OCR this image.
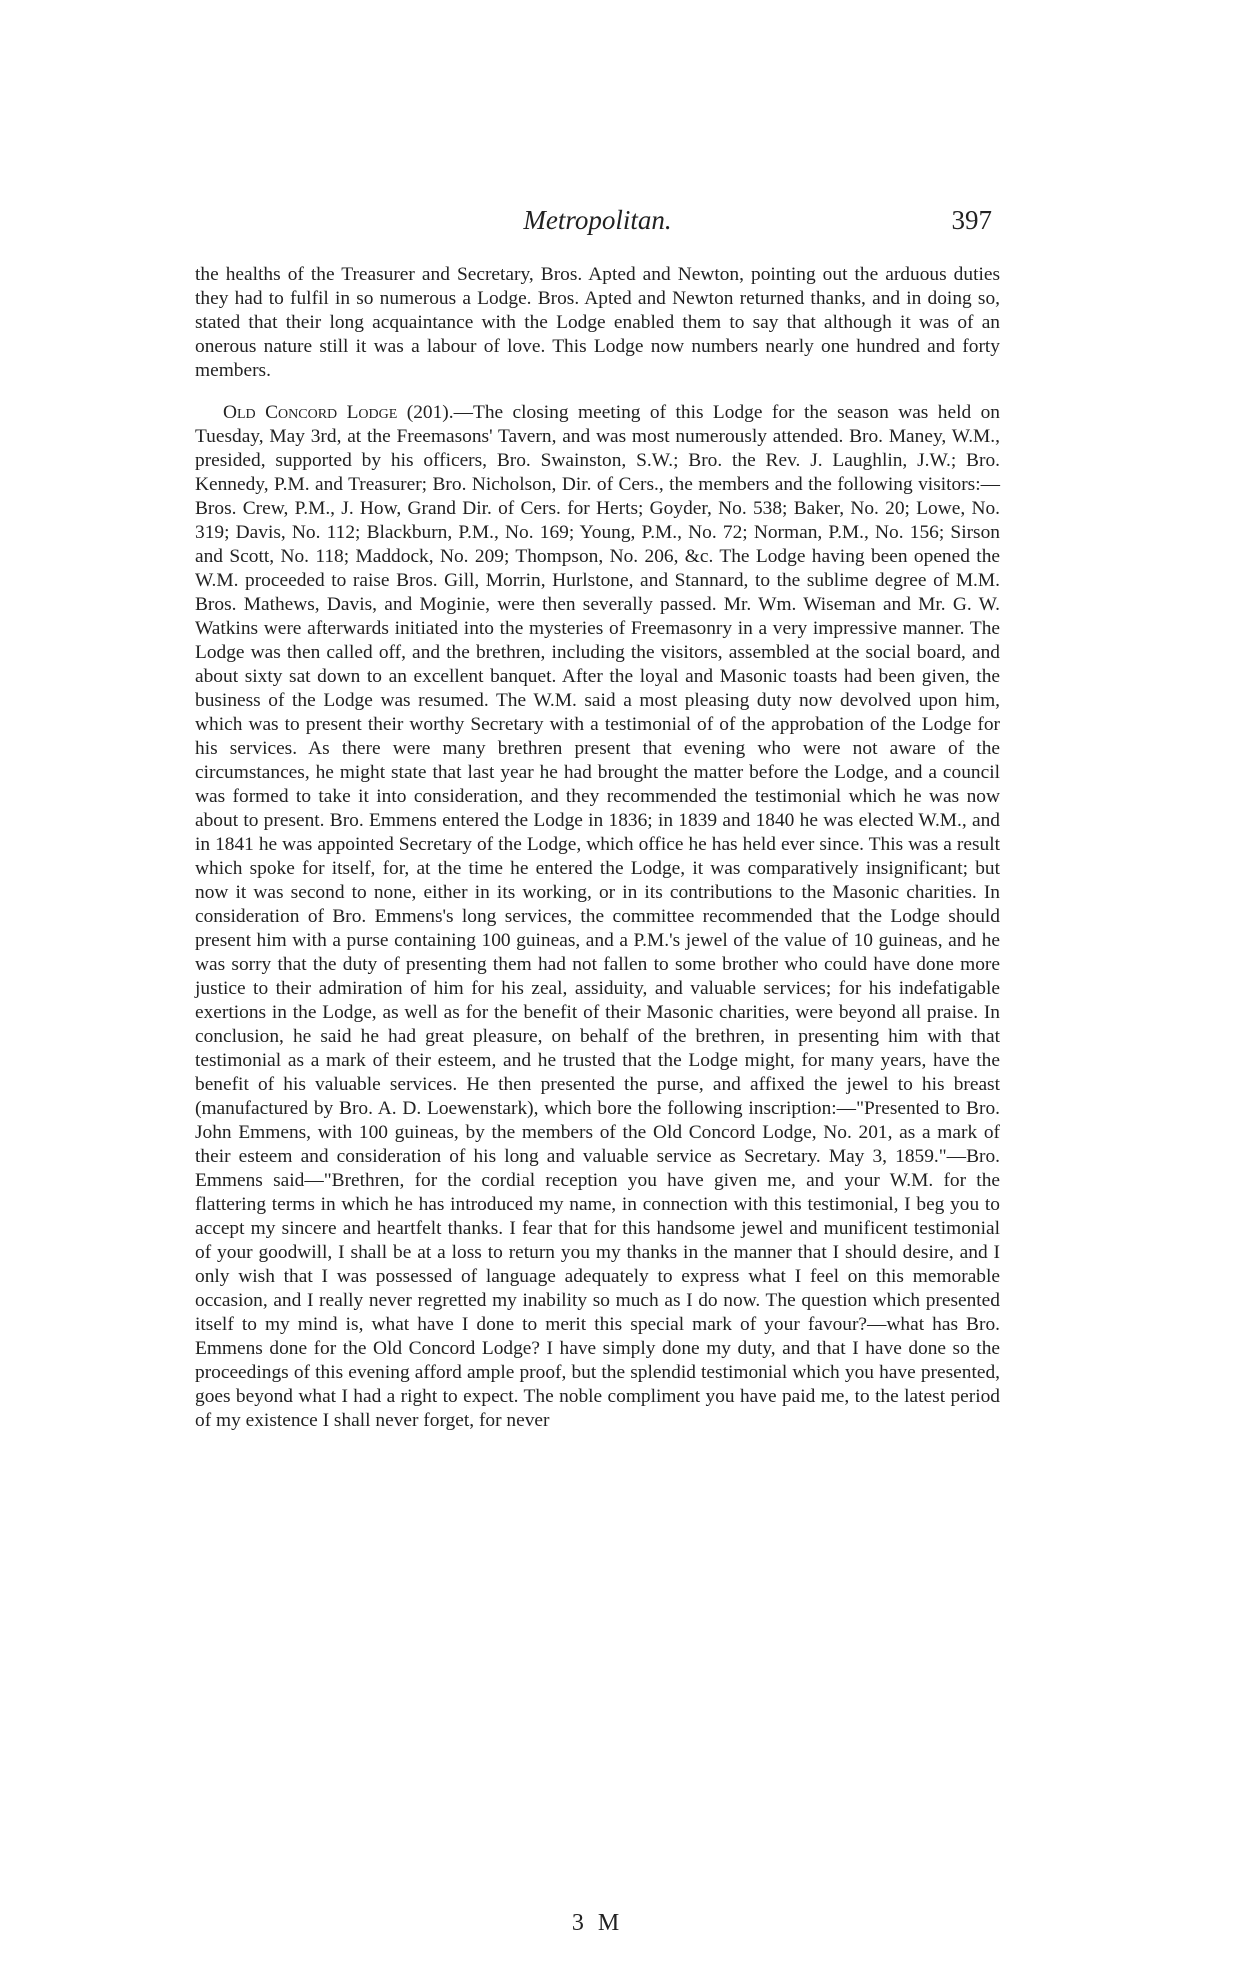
Metropolitan.	397

the healths of the Treasurer and Secretary, Bros. Apted and Newton, pointing out the arduous duties they had to fulfil in so numerous a Lodge. Bros. Apted and Newton returned thanks, and in doing so, stated that their long acquaintance with the Lodge enabled them to say that although it was of an onerous nature still it was a labour of love. This Lodge now numbers nearly one hundred and forty members.

Old Concord Lodge (201).—The closing meeting of this Lodge for the season was held on Tuesday, May 3rd, at the Freemasons' Tavern, and was most numerously attended. Bro. Maney, W.M., presided, supported by his officers, Bro. Swainston, S.W.; Bro. the Rev. J. Laughlin, J.W.; Bro. Kennedy, P.M. and Treasurer; Bro. Nicholson, Dir. of Cers., the members and the following visitors:—Bros. Crew, P.M., J. How, Grand Dir. of Cers. for Herts; Goyder, No. 538; Baker, No. 20; Lowe, No. 319; Davis, No. 112; Blackburn, P.M., No. 169; Young, P.M., No. 72; Norman, P.M., No. 156; Sirson and Scott, No. 118; Maddock, No. 209; Thompson, No. 206, &c. The Lodge having been opened the W.M. proceeded to raise Bros. Gill, Morrin, Hurlstone, and Stannard, to the sublime degree of M.M. Bros. Mathews, Davis, and Moginie, were then severally passed. Mr. Wm. Wiseman and Mr. G. W. Watkins were afterwards initiated into the mysteries of Freemasonry in a very impressive manner. The Lodge was then called off, and the brethren, including the visitors, assembled at the social board, and about sixty sat down to an excellent banquet. After the loyal and Masonic toasts had been given, the business of the Lodge was resumed. The W.M. said a most pleasing duty now devolved upon him, which was to present their worthy Secretary with a testimonial of of the approbation of the Lodge for his services. As there were many brethren present that evening who were not aware of the circumstances, he might state that last year he had brought the matter before the Lodge, and a council was formed to take it into consideration, and they recommended the testimonial which he was now about to present. Bro. Emmens entered the Lodge in 1836; in 1839 and 1840 he was elected W.M., and in 1841 he was appointed Secretary of the Lodge, which office he has held ever since. This was a result which spoke for itself, for, at the time he entered the Lodge, it was comparatively insignificant; but now it was second to none, either in its working, or in its contributions to the Masonic charities. In consideration of Bro. Emmens's long services, the committee recommended that the Lodge should present him with a purse containing 100 guineas, and a P.M.'s jewel of the value of 10 guineas, and he was sorry that the duty of presenting them had not fallen to some brother who could have done more justice to their admiration of him for his zeal, assiduity, and valuable services; for his indefatigable exertions in the Lodge, as well as for the benefit of their Masonic charities, were beyond all praise. In conclusion, he said he had great pleasure, on behalf of the brethren, in presenting him with that testimonial as a mark of their esteem, and he trusted that the Lodge might, for many years, have the benefit of his valuable services. He then presented the purse, and affixed the jewel to his breast (manufactured by Bro. A. D. Loewenstark), which bore the following inscription:—"Presented to Bro. John Emmens, with 100 guineas, by the members of the Old Concord Lodge, No. 201, as a mark of their esteem and consideration of his long and valuable service as Secretary. May 3, 1859."—Bro. Emmens said—"Brethren, for the cordial reception you have given me, and your W.M. for the flattering terms in which he has introduced my name, in connection with this testimonial, I beg you to accept my sincere and heartfelt thanks. I fear that for this handsome jewel and munificent testimonial of your goodwill, I shall be at a loss to return you my thanks in the manner that I should desire, and I only wish that I was possessed of language adequately to express what I feel on this memorable occasion, and I really never regretted my inability so much as I do now. The question which presented itself to my mind is, what have I done to merit this special mark of your favour?—what has Bro. Emmens done for the Old Concord Lodge? I have simply done my duty, and that I have done so the proceedings of this evening afford ample proof, but the splendid testimonial which you have presented, goes beyond what I had a right to expect. The noble compliment you have paid me, to the latest period of my existence I shall never forget, for never

3 M
